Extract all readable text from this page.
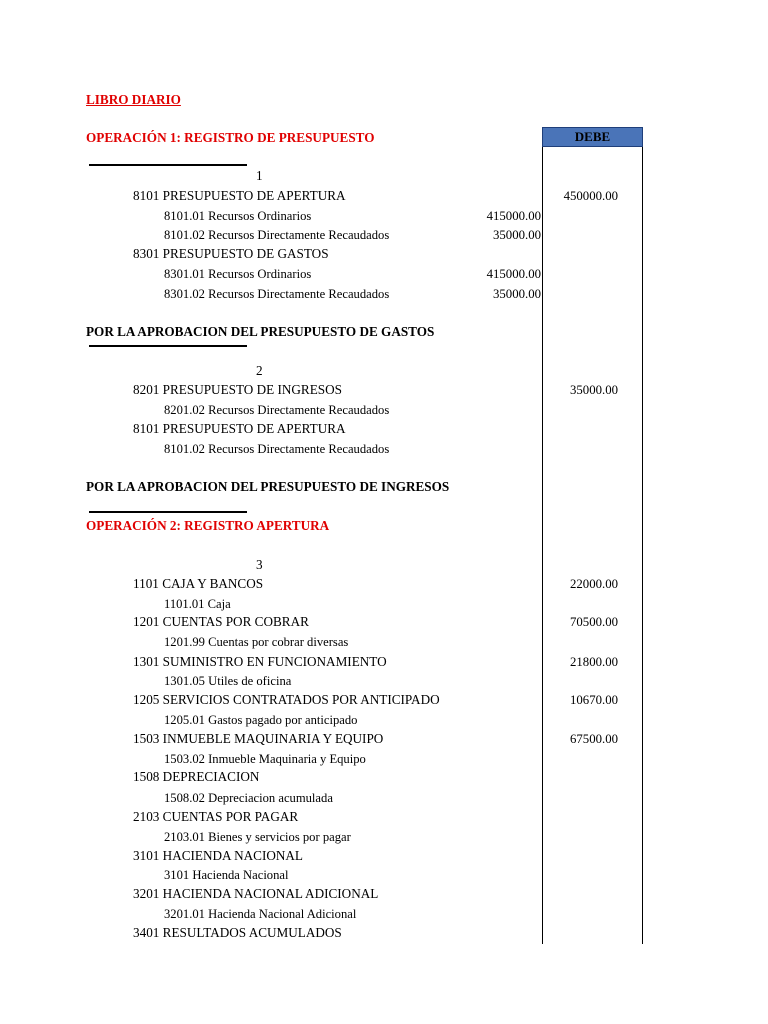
LIBRO DIARIO
OPERACIÓN 1: REGISTRO DE PRESUPUESTO	DEBE
1
8101 PRESUPUESTO DE APERTURA	450000.00
8101.01 Recursos Ordinarios	415000.00
8101.02 Recursos Directamente Recaudados	35000.00
8301 PRESUPUESTO DE GASTOS
8301.01 Recursos Ordinarios	415000.00
8301.02 Recursos Directamente Recaudados	35000.00
POR LA APROBACION DEL PRESUPUESTO DE GASTOS
2
8201 PRESUPUESTO DE INGRESOS	35000.00
8201.02 Recursos Directamente Recaudados
8101 PRESUPUESTO DE APERTURA
8101.02 Recursos Directamente Recaudados
POR LA APROBACION DEL PRESUPUESTO DE INGRESOS
OPERACIÓN 2: REGISTRO APERTURA
3
1101 CAJA Y BANCOS	22000.00
1101.01 Caja
1201 CUENTAS POR COBRAR	70500.00
1201.99 Cuentas por cobrar diversas
1301 SUMINISTRO EN FUNCIONAMIENTO	21800.00
1301.05 Utiles de oficina
1205 SERVICIOS CONTRATADOS POR ANTICIPADO	10670.00
1205.01 Gastos pagado por anticipado
1503 INMUEBLE MAQUINARIA Y EQUIPO	67500.00
1503.02 Inmueble Maquinaria y Equipo
1508 DEPRECIACION
1508.02 Depreciacion acumulada
2103 CUENTAS POR PAGAR
2103.01 Bienes y servicios por pagar
3101 HACIENDA NACIONAL
3101 Hacienda Nacional
3201 HACIENDA NACIONAL ADICIONAL
3201.01 Hacienda Nacional Adicional
3401 RESULTADOS ACUMULADOS
